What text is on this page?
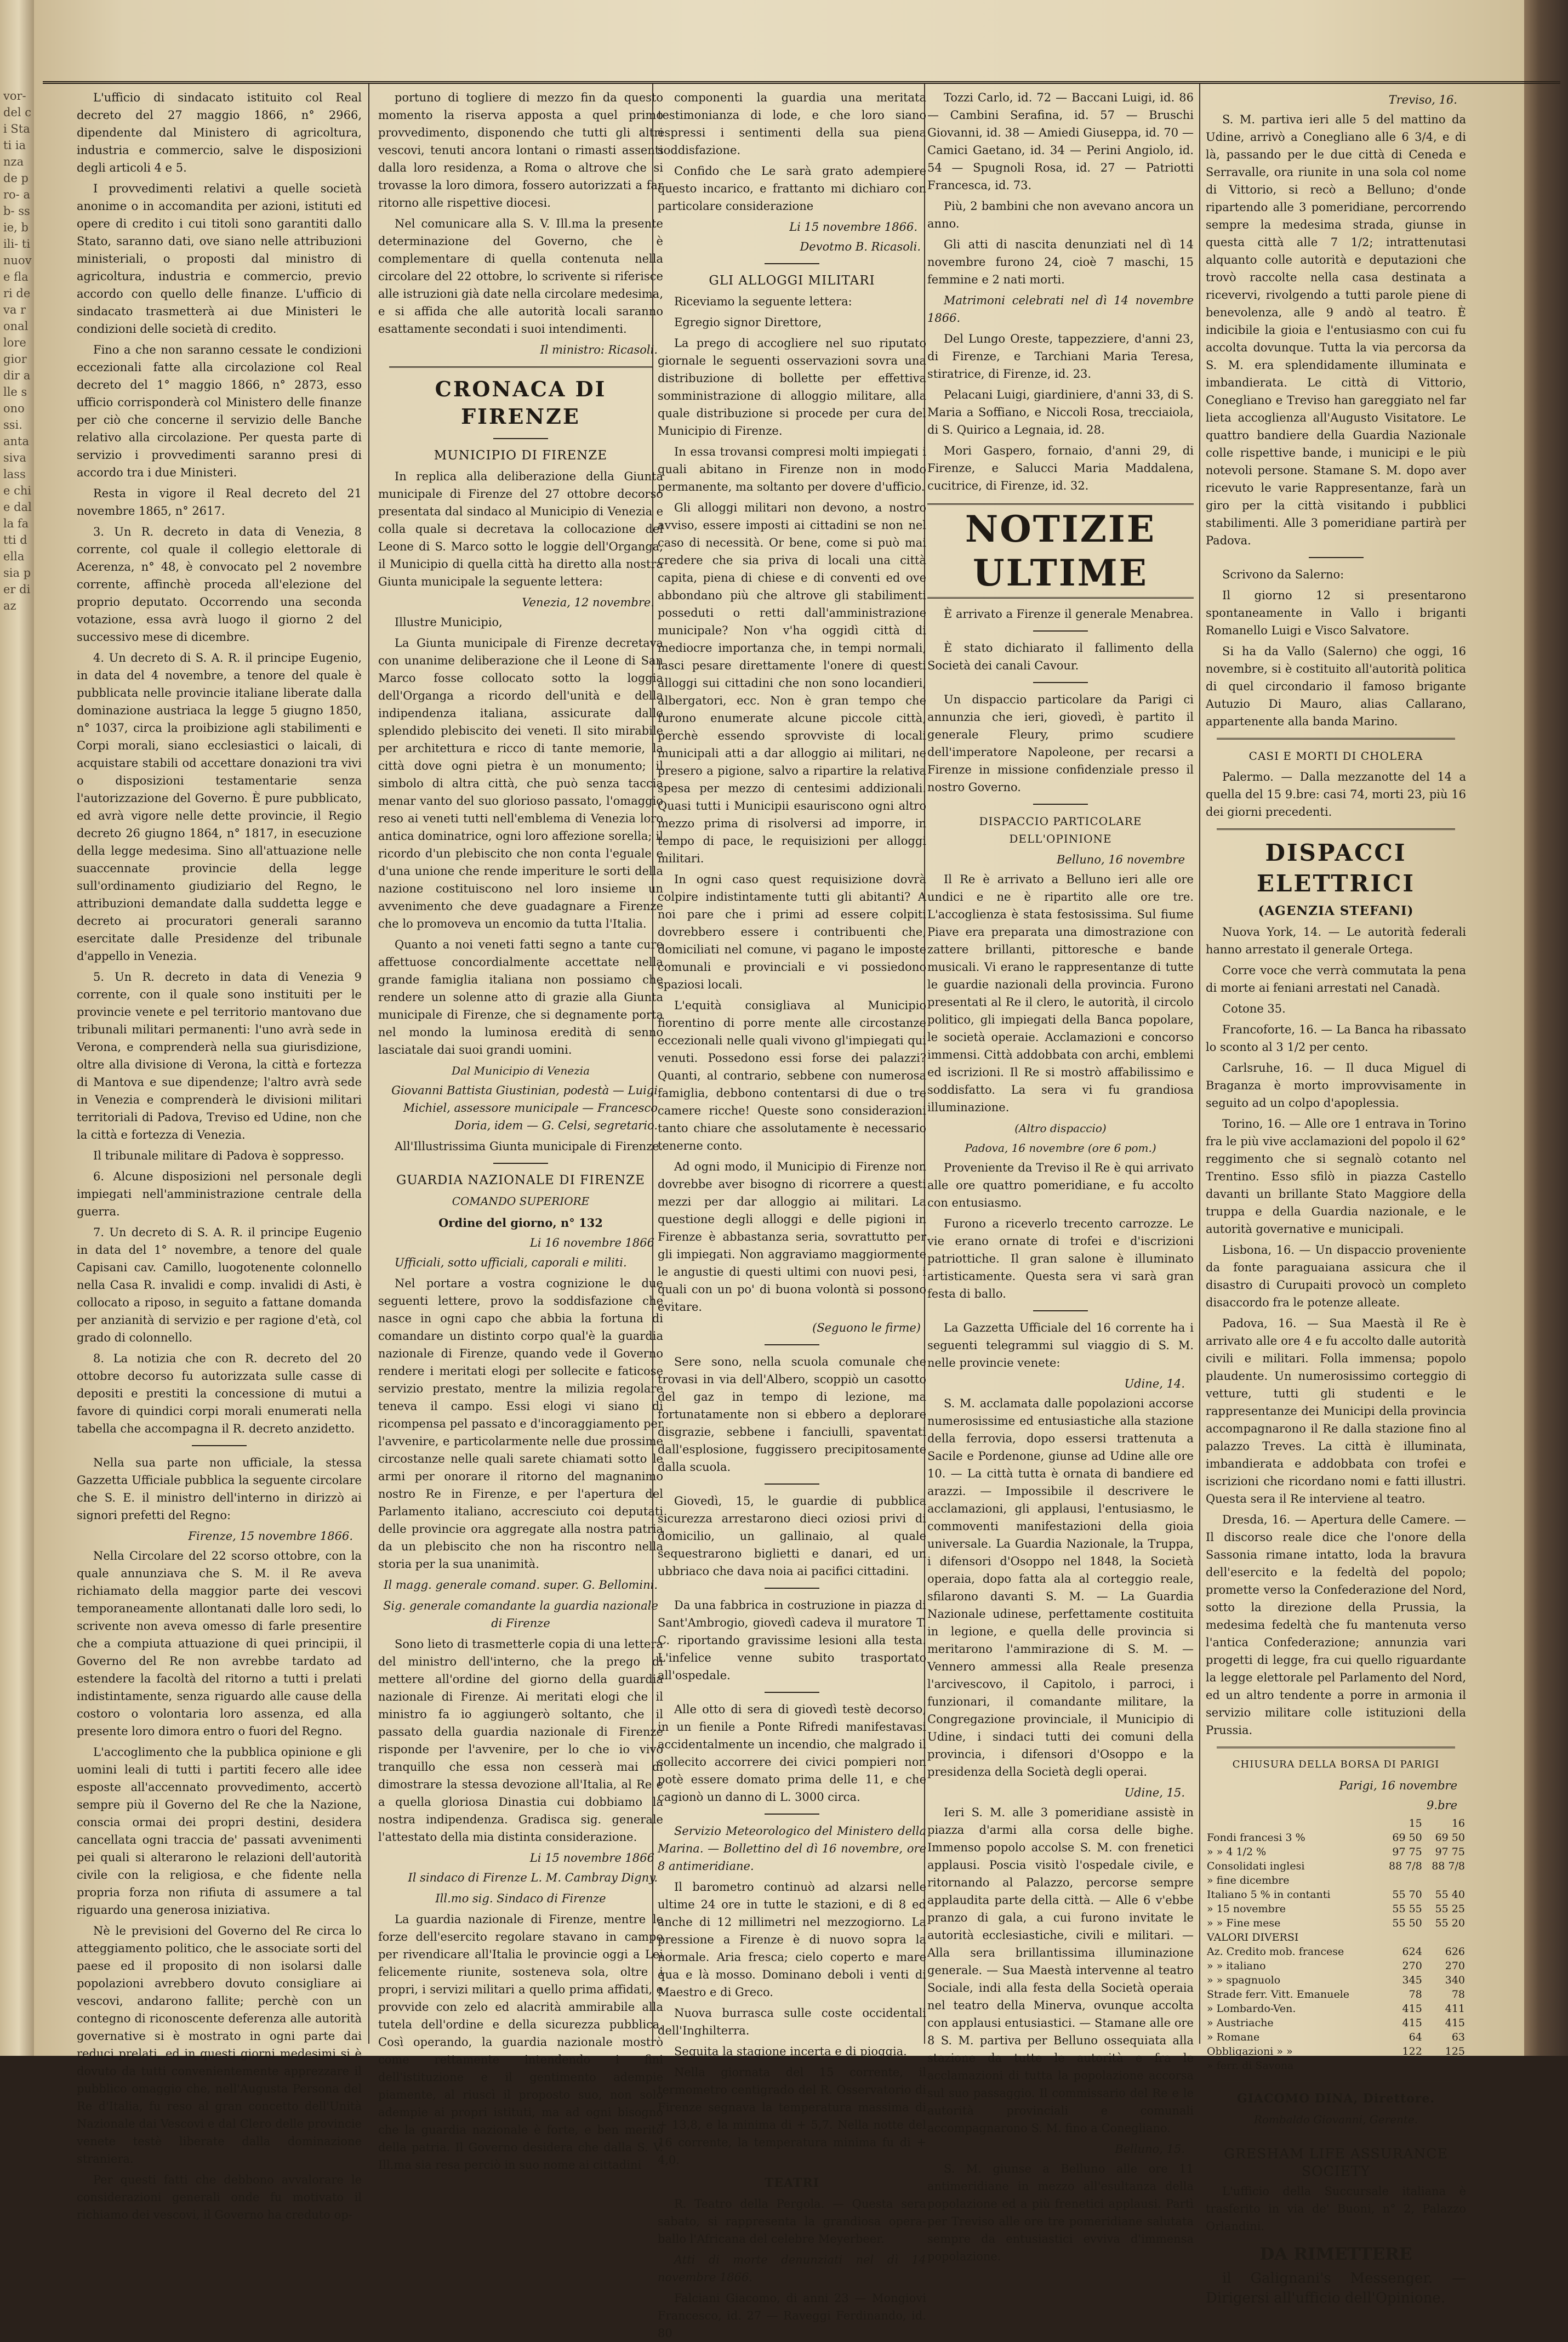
vor- del ci Stati ianza de pro- ab- ssie, bili- ti nuove flari deva ronal lore gior dir alle sono ssi. anta siva lasse chie dalla fatti della sia per diaz

L'ufficio di sindacato istituito col Real decreto del 27 maggio 1866, n° 2966, dipendente dal Ministero di agricoltura, industria e commercio, salve le disposizioni degli articoli 4 e 5.

I provvedimenti relativi a quelle società anonime o in accomandita per azioni, istituti ed opere di credito i cui titoli sono garantiti dallo Stato, saranno dati, ove siano nelle attribuzioni ministeriali, o proposti dal ministro di agricoltura, industria e commercio, previo accordo con quello delle finanze. L'ufficio di sindacato trasmetterà ai due Ministeri le condizioni delle società di credito.

Fino a che non saranno cessate le condizioni eccezionali fatte alla circolazione col Real decreto del 1° maggio 1866, n° 2873, esso ufficio corrisponderà col Ministero delle finanze per ciò che concerne il servizio delle Banche relativo alla circolazione. Per questa parte di servizio i provvedimenti saranno presi di accordo tra i due Ministeri.

Resta in vigore il Real decreto del 21 novembre 1865, n° 2617.

3. Un R. decreto in data di Venezia, 8 corrente, col quale il collegio elettorale di Acerenza, n° 48, è convocato pel 2 novembre corrente, affinchè proceda all'elezione del proprio deputato. Occorrendo una seconda votazione, essa avrà luogo il giorno 2 del successivo mese di dicembre.

4. Un decreto di S. A. R. il principe Eugenio, in data del 4 novembre, a tenore del quale è pubblicata nelle provincie italiane liberate dalla dominazione austriaca la legge 5 giugno 1850, n° 1037, circa la proibizione agli stabilimenti e Corpi morali, siano ecclesiastici o laicali, di acquistare stabili od accettare donazioni tra vivi o disposizioni testamentarie senza l'autorizzazione del Governo. È pure pubblicato, ed avrà vigore nelle dette provincie, il Regio decreto 26 giugno 1864, n° 1817, in esecuzione della legge medesima. Sino all'attuazione nelle suaccennate provincie della legge sull'ordinamento giudiziario del Regno, le attribuzioni demandate dalla suddetta legge e decreto ai procuratori generali saranno esercitate dalle Presidenze del tribunale d'appello in Venezia.

5. Un R. decreto in data di Venezia 9 corrente, con il quale sono instituiti per le provincie venete e pel territorio mantovano due tribunali militari permanenti: l'uno avrà sede in Verona, e comprenderà nella sua giurisdizione, oltre alla divisione di Verona, la città e fortezza di Mantova e sue dipendenze; l'altro avrà sede in Venezia e comprenderà le divisioni militari territoriali di Padova, Treviso ed Udine, non che la città e fortezza di Venezia.

Il tribunale militare di Padova è soppresso.

6. Alcune disposizioni nel personale degli impiegati nell'amministrazione centrale della guerra.

7. Un decreto di S. A. R. il principe Eugenio in data del 1° novembre, a tenore del quale Capisani cav. Camillo, luogotenente colonnello nella Casa R. invalidi e comp. invalidi di Asti, è collocato a riposo, in seguito a fattane domanda per anzianità di servizio e per ragione d'età, col grado di colonnello.

8. La notizia che con R. decreto del 20 ottobre decorso fu autorizzata sulle casse di depositi e prestiti la concessione di mutui a favore di quindici corpi morali enumerati nella tabella che accompagna il R. decreto anzidetto.

Nella sua parte non ufficiale, la stessa Gazzetta Ufficiale pubblica la seguente circolare che S. E. il ministro dell'interno in dirizzò ai signori prefetti del Regno:

Firenze, 15 novembre 1866.

Nella Circolare del 22 scorso ottobre, con la quale annunziava che S. M. il Re aveva richiamato della maggior parte dei vescovi temporaneamente allontanati dalle loro sedi, lo scrivente non aveva omesso di farle presentire che a compiuta attuazione di quei principii, il Governo del Re non avrebbe tardato ad estendere la facoltà del ritorno a tutti i prelati indistintamente, senza riguardo alle cause della costoro o volontaria loro assenza, ed alla presente loro dimora entro o fuori del Regno.

L'accoglimento che la pubblica opinione e gli uomini leali di tutti i partiti fecero alle idee esposte all'accennato provvedimento, accertò sempre più il Governo del Re che la Nazione, conscia ormai dei propri destini, desidera cancellata ogni traccia de' passati avvenimenti pei quali si alterarono le relazioni dell'autorità civile con la religiosa, e che fidente nella propria forza non rifiuta di assumere a tal riguardo una generosa iniziativa.

Nè le previsioni del Governo del Re circa lo atteggiamento politico, che le associate sorti del paese ed il proposito di non isolarsi dalle popolazioni avrebbero dovuto consigliare ai vescovi, andarono fallite; perchè con un contegno di riconoscente deferenza alle autorità governative si è mostrato in ogni parte dai reduci prelati, ed in questi giorni medesimi si è dovuto da tutti convenientemente apprezzare il pubblico omaggio che, nell'Augusta Persona del Re d'Italia, fu reso al gran concetto dell'Unità Nazionale dai Vescovi e dal Clero delle provincie venete testè liberate dalla dominazione straniera.

Per questi fatti che debbono avvalorare le considerazioni generali onde fu motivato il richiamo dei vescovi, il Governo ha creduto op-

portuno di togliere di mezzo fin da questo momento la riserva apposta a quel primo provvedimento, disponendo che tutti gli altri vescovi, tenuti ancora lontani o rimasti assenti dalla loro residenza, a Roma o altrove che si trovasse la loro dimora, fossero autorizzati a far ritorno alle rispettive diocesi.

Nel comunicare alla S. V. Ill.ma la presente determinazione del Governo, che è complementare di quella contenuta nella circolare del 22 ottobre, lo scrivente si riferisce alle istruzioni già date nella circolare medesima, e si affida che alle autorità locali saranno esattamente secondati i suoi intendimenti.

Il ministro: Ricasoli.
CRONACA DI FIRENZE
MUNICIPIO DI FIRENZE

In replica alla deliberazione della Giunta municipale di Firenze del 27 ottobre decorso presentata dal sindaco al Municipio di Venezia e colla quale si decretava la collocazione del Leone di S. Marco sotto le loggie dell'Organga, il Municipio di quella città ha diretto alla nostra Giunta municipale la seguente lettera:

Venezia, 12 novembre.

Illustre Municipio,

La Giunta municipale di Firenze decretava con unanime deliberazione che il Leone di San Marco fosse collocato sotto la loggia dell'Organga a ricordo dell'unità e della indipendenza italiana, assicurate dallo splendido plebiscito dei veneti. Il sito mirabile per architettura e ricco di tante memorie, la città dove ogni pietra è un monumento; il simbolo di altra città, che può senza taccia menar vanto del suo glorioso passato, l'omaggio reso ai veneti tutti nell'emblema di Venezia loro antica dominatrice, ogni loro affezione sorella; il ricordo d'un plebiscito che non conta l'eguale e d'una unione che rende imperiture le sorti della nazione costituiscono nel loro insieme un avvenimento che deve guadagnare a Firenze che lo promoveva un encomio da tutta l'Italia.

Quanto a noi veneti fatti segno a tante cure affettuose concordialmente accettate nella grande famiglia italiana non possiamo che rendere un solenne atto di grazie alla Giunta municipale di Firenze, che si degnamente porta nel mondo la luminosa eredità di senno lasciatale dai suoi grandi uomini.

Dal Municipio di Venezia
Giovanni Battista Giustinian, podestà — Luigi Michiel, assessore municipale — Francesco Doria, idem — G. Celsi, segretario.

All'Illustrissima Giunta municipale di Firenze.

GUARDIA NAZIONALE DI FIRENZE
COMANDO SUPERIORE
Ordine del giorno, n° 132
Li 16 novembre 1866

Ufficiali, sotto ufficiali, caporali e militi.

Nel portare a vostra cognizione le due seguenti lettere, provo la soddisfazione che nasce in ogni capo che abbia la fortuna di comandare un distinto corpo qual'è la guardia nazionale di Firenze, quando vede il Governo rendere i meritati elogi per sollecite e faticose servizio prestato, mentre la milizia regolare teneva il campo. Essi elogi vi siano di ricompensa pel passato e d'incoraggiamento per l'avvenire, e particolarmente nelle due prossime circostanze nelle quali sarete chiamati sotto le armi per onorare il ritorno del magnanimo nostro Re in Firenze, e per l'apertura del Parlamento italiano, accresciuto coi deputati delle provincie ora aggregate alla nostra patria da un plebiscito che non ha riscontro nella storia per la sua unanimità.

Il magg. generale comand. super. G. Bellomini.

Sig. generale comandante la guardia nazionale di Firenze

Sono lieto di trasmetterle copia di una lettera del ministro dell'interno, che la prego di mettere all'ordine del giorno della guardia nazionale di Firenze. Ai meritati elogi che il ministro fa io aggiungerò soltanto, che il passato della guardia nazionale di Firenze risponde per l'avvenire, per lo che io vivo tranquillo che essa non cesserà mai di dimostrare la stessa devozione all'Italia, al Re e a quella gloriosa Dinastia cui dobbiamo la nostra indipendenza. Gradisca sig. generale l'attestato della mia distinta considerazione.

Li 15 novembre 1866
Il sindaco di Firenze L. M. Cambray Digny.

Ill.mo sig. Sindaco di Firenze

La guardia nazionale di Firenze, mentre le forze dell'esercito regolare stavano in campo per rivendicare all'Italia le provincie oggi a Lei felicemente riunite, sosteneva sola, oltre i propri, i servizi militari a quello prima affidati, e provvide con zelo ed alacrità ammirabile alla tutela dell'ordine e della sicurezza pubblica. Così operando, la guardia nazionale mostrò come rettamente intendendo i fini dell'istituzione e il gentimento adempie piamente, al riuscì il proposto suo, non solo adempie ai propri istituti, ma ad ogni bisogno che la guardia nazionale è forte, e ben meritò della patria. Il Governo desidera che dalla S. V. Ill.ma sia resa perciò in suo nome ai cittadini

componenti la guardia una meritata testimonianza di lode, e che loro siano espressi i sentimenti della sua piena soddisfazione.

Confido che Le sarà grato adempiere questo incarico, e frattanto mi dichiaro con particolare considerazione

Li 15 novembre 1866.
Devotmo B. Ricasoli.
GLI ALLOGGI MILITARI

Riceviamo la seguente lettera:

Egregio signor Direttore,

La prego di accogliere nel suo riputato giornale le seguenti osservazioni sovra una distribuzione di bollette per effettiva somministrazione di alloggio militare, alla quale distribuzione si procede per cura del Municipio di Firenze.

In essa trovansi compresi molti impiegati i quali abitano in Firenze non in modo permanente, ma soltanto per dovere d'ufficio.

Gli alloggi militari non devono, a nostro avviso, essere imposti ai cittadini se non nel caso di necessità. Or bene, come si può mai credere che sia priva di locali una città capita, piena di chiese e di conventi ed ove abbondano più che altrove gli stabilimenti posseduti o retti dall'amministrazione municipale? Non v'ha oggidì città di mediocre importanza che, in tempi normali, lasci pesare direttamente l'onere di questi alloggi sui cittadini che non sono locandieri, albergatori, ecc. Non è gran tempo che furono enumerate alcune piccole città, perchè essendo sprovviste di locali municipali atti a dar alloggio ai militari, ne presero a pigione, salvo a ripartire la relativa spesa per mezzo di centesimi addizionali. Quasi tutti i Municipii esauriscono ogni altro mezzo prima di risolversi ad imporre, in tempo di pace, le requisizioni per alloggi militari.

In ogni caso quest requisizione dovrà colpire indistintamente tutti gli abitanti? A noi pare che i primi ad essere colpiti dovrebbero essere i contribuenti che, domiciliati nel comune, vi pagano le imposte comunali e provinciali e vi possiedono spaziosi locali.

L'equità consigliava al Municipio fiorentino di porre mente alle circostanze eccezionali nelle quali vivono gl'impiegati qui venuti. Possedono essi forse dei palazzi? Quanti, al contrario, sebbene con numerosa famiglia, debbono contentarsi di due o tre camere ricche! Queste sono considerazioni tanto chiare che assolutamente è necessario tenerne conto.

Ad ogni modo, il Municipio di Firenze non dovrebbe aver bisogno di ricorrere a questi mezzi per dar alloggio ai militari. La questione degli alloggi e delle pigioni in Firenze è abbastanza seria, sovrattutto per gli impiegati. Non aggraviamo maggiormente le angustie di questi ultimi con nuovi pesi, i quali con un po' di buona volontà si possono evitare.

(Seguono le firme)

Sere sono, nella scuola comunale che trovasi in via dell'Albero, scoppiò un casotto del gaz in tempo di lezione, ma fortunatamente non si ebbero a deplorare disgrazie, sebbene i fanciulli, spaventati dall'esplosione, fuggissero precipitosamente dalla scuola.

Giovedì, 15, le guardie di pubblica sicurezza arrestarono dieci oziosi privi di domicilio, un gallinaio, al quale sequestrarono biglietti e danari, ed un ubbriaco che dava noia ai pacifici cittadini.

Da una fabbrica in costruzione in piazza di Sant'Ambrogio, giovedì cadeva il muratore T. C. riportando gravissime lesioni alla testa. L'infelice venne subito trasportato all'ospedale.

Alle otto di sera di giovedì testè decorso, in un fienile a Ponte Rifredi manifestavasi accidentalmente un incendio, che malgrado il sollecito accorrere dei civici pompieri non potè essere domato prima delle 11, e che cagionò un danno di L. 3000 circa.

Servizio Meteorologico del Ministero della Marina. — Bollettino del dì 16 novembre, ore 8 antimeridiane.

Il barometro continuò ad alzarsi nelle ultime 24 ore in tutte le stazioni, e di 8 ed anche di 12 millimetri nel mezzogiorno. La pressione a Firenze è di nuovo sopra la normale. Aria fresca; cielo coperto e mare qua e là mosso. Dominano deboli i venti di Maestro e di Greco.

Nuova burrasca sulle coste occidentali dell'Inghilterra.

Seguita la stagione incerta e di pioggia.

Nella giornata del 15 corrente, il termometro centigrado del R. Osservatorio di Firenze segnava la temperatura massima di + 13,8, e la minima di + 5,7. Nella notte del 16 corrente, la temperatura minima fu di + 4,0.

TEATRI

R. Teatro della Pergola. — Questa sera sabato, si rappresenta la grandiosa opera-ballo l'Africana del celebre Meyerbeer.

Atti di morte denunziati nel dì 14 novembre 1866.

Falciani Giacomo, di anni 23 — Mongiovi Francesco, id. 27 — Raveggi Ferdinando, id. 80

Tozzi Carlo, id. 72 — Baccani Luigi, id. 86 — Cambini Serafina, id. 57 — Bruschi Giovanni, id. 38 — Amiedi Giuseppa, id. 70 — Camici Gaetano, id. 34 — Perini Angiolo, id. 54 — Spugnoli Rosa, id. 27 — Patriotti Francesca, id. 73.

Più, 2 bambini che non avevano ancora un anno.

Gli atti di nascita denunziati nel dì 14 novembre furono 24, cioè 7 maschi, 15 femmine e 2 nati morti.

Matrimoni celebrati nel dì 14 novembre 1866.

Del Lungo Oreste, tappezziere, d'anni 23, di Firenze, e Tarchiani Maria Teresa, stiratrice, di Firenze, id. 23.

Pelacani Luigi, giardiniere, d'anni 33, di S. Maria a Soffiano, e Niccoli Rosa, trecciaiola, di S. Quirico a Legnaia, id. 28.

Mori Gaspero, fornaio, d'anni 29, di Firenze, e Salucci Maria Maddalena, cucitrice, di Firenze, id. 32.

NOTIZIE ULTIME

È arrivato a Firenze il generale Menabrea.

È stato dichiarato il fallimento della Società dei canali Cavour.

Un dispaccio particolare da Parigi ci annunzia che ieri, giovedì, è partito il generale Fleury, primo scudiere dell'imperatore Napoleone, per recarsi a Firenze in missione confidenziale presso il nostro Governo.

DISPACCIO PARTICOLARE DELL'OPINIONE
Belluno, 16 novembre

Il Re è arrivato a Belluno ieri alle ore undici e ne è ripartito alle ore tre. L'accoglienza è stata festosissima. Sul fiume Piave era preparata una dimostrazione con zattere brillanti, pittoresche e bande musicali. Vi erano le rappresentanze di tutte le guardie nazionali della provincia. Furono presentati al Re il clero, le autorità, il circolo politico, gli impiegati della Banca popolare, le società operaie. Acclamazioni e concorso immensi. Città addobbata con archi, emblemi ed iscrizioni. Il Re si mostrò affabilissimo e soddisfatto. La sera vi fu grandiosa illuminazione.

(Altro dispaccio)
Padova, 16 novembre (ore 6 pom.)

Proveniente da Treviso il Re è qui arrivato alle ore quattro pomeridiane, e fu accolto con entusiasmo.

Furono a riceverlo trecento carrozze. Le vie erano ornate di trofei e d'iscrizioni patriottiche. Il gran salone è illuminato artisticamente. Questa sera vi sarà gran festa di ballo.

La Gazzetta Ufficiale del 16 corrente ha i seguenti telegrammi sul viaggio di S. M. nelle provincie venete:

Udine, 14.

S. M. acclamata dalle popolazioni accorse numerosissime ed entusiastiche alla stazione della ferrovia, dopo essersi trattenuta a Sacile e Pordenone, giunse ad Udine alle ore 10. — La città tutta è ornata di bandiere ed arazzi. — Impossibile il descrivere le acclamazioni, gli applausi, l'entusiasmo, le commoventi manifestazioni della gioia universale. La Guardia Nazionale, la Truppa, i difensori d'Osoppo nel 1848, la Società operaia, dopo fatta ala al corteggio reale, sfilarono davanti S. M. — La Guardia Nazionale udinese, perfettamente costituita in legione, e quella delle provincia si meritarono l'ammirazione di S. M. — Vennero ammessi alla Reale presenza l'arcivescovo, il Capitolo, i parroci, i funzionari, il comandante militare, la Congregazione provinciale, il Municipio di Udine, i sindaci tutti dei comuni della provincia, i difensori d'Osoppo e la presidenza della Società degli operai.

Udine, 15.

Ieri S. M. alle 3 pomeridiane assistè in piazza d'armi alla corsa delle bighe. Immenso popolo accolse S. M. con frenetici applausi. Poscia visitò l'ospedale civile, e ritornando al Palazzo, percorse sempre applaudita parte della città. — Alle 6 v'ebbe pranzo di gala, a cui furono invitate le autorità ecclesiastiche, civili e militari. — Alla sera brillantissima illuminazione generale. — Sua Maestà intervenne al teatro Sociale, indi alla festa della Società operaia nel teatro della Minerva, ovunque accolta con applausi entusiastici. — Stamane alle ore 8 S. M. partiva per Belluno ossequiata alla stazione da tutte le autorità e fra le acclamazioni di tutta la popolazione accorsa sul suo passaggio. Il commissario del Re e le autorità provinciali e comunali accompagnarono S. M. fino a Conegliano.

Belluno, 15.

S. M. giunse a Belluno alle ore 11 antimeridiane in mezzo all'esultanza della popolazione ed a più frenetici applausi. Partì per Treviso alle ore tre pomeridiane salutata sempre da entusiastici evviva d'immensa popolazione.

Treviso, 16.

S. M. partiva ieri alle 5 del mattino da Udine, arrivò a Conegliano alle 6 3/4, e di là, passando per le due città di Ceneda e Serravalle, ora riunite in una sola col nome di Vittorio, si recò a Belluno; d'onde ripartendo alle 3 pomeridiane, percorrendo sempre la medesima strada, giunse in questa città alle 7 1/2; intrattenutasi alquanto colle autorità e deputazioni che trovò raccolte nella casa destinata a ricevervi, rivolgendo a tutti parole piene di benevolenza, alle 9 andò al teatro. È indicibile la gioia e l'entusiasmo con cui fu accolta dovunque. Tutta la via percorsa da S. M. era splendidamente illuminata e imbandierata. Le città di Vittorio, Conegliano e Treviso han gareggiato nel far lieta accoglienza all'Augusto Visitatore. Le quattro bandiere della Guardia Nazionale colle rispettive bande, i municipi e le più notevoli persone. Stamane S. M. dopo aver ricevuto le varie Rappresentanze, farà un giro per la città visitando i pubblici stabilimenti. Alle 3 pomeridiane partirà per Padova.

Scrivono da Salerno:

Il giorno 12 si presentarono spontaneamente in Vallo i briganti Romanello Luigi e Visco Salvatore.

Si ha da Vallo (Salerno) che oggi, 16 novembre, si è costituito all'autorità politica di quel circondario il famoso brigante Autuzio Di Mauro, alias Callarano, appartenente alla banda Marino.

CASI E MORTI DI CHOLERA

Palermo. — Dalla mezzanotte del 14 a quella del 15 9.bre: casi 74, morti 23, più 16 dei giorni precedenti.

DISPACCI ELETTRICI
(AGENZIA STEFANI)

Nuova York, 14. — Le autorità federali hanno arrestato il generale Ortega.

Corre voce che verrà commutata la pena di morte ai feniani arrestati nel Canadà.

Cotone 35.

Francoforte, 16. — La Banca ha ribassato lo sconto al 3 1/2 per cento.

Carlsruhe, 16. — Il duca Miguel di Braganza è morto improvvisamente in seguito ad un colpo d'apoplessia.

Torino, 16. — Alle ore 1 entrava in Torino fra le più vive acclamazioni del popolo il 62° reggimento che si segnalò cotanto nel Trentino. Esso sfilò in piazza Castello davanti un brillante Stato Maggiore della truppa e della Guardia nazionale, e le autorità governative e municipali.

Lisbona, 16. — Un dispaccio proveniente da fonte paraguaiana assicura che il disastro di Curupaiti provocò un completo disaccordo fra le potenze alleate.

Padova, 16. — Sua Maestà il Re è arrivato alle ore 4 e fu accolto dalle autorità civili e militari. Folla immensa; popolo plaudente. Un numerosissimo corteggio di vetture, tutti gli studenti e le rappresentanze dei Municipi della provincia accompagnarono il Re dalla stazione fino al palazzo Treves. La città è illuminata, imbandierata e addobbata con trofei e iscrizioni che ricordano nomi e fatti illustri. Questa sera il Re interviene al teatro.

Dresda, 16. — Apertura delle Camere. — Il discorso reale dice che l'onore della Sassonia rimane intatto, loda la bravura dell'esercito e la fedeltà del popolo; promette verso la Confederazione del Nord, sotto la direzione della Prussia, la medesima fedeltà che fu mantenuta verso l'antica Confederazione; annunzia vari progetti di legge, fra cui quello riguardante la legge elettorale pel Parlamento del Nord, ed un altro tendente a porre in armonia il servizio militare colle istituzioni della Prussia.

CHIUSURA DELLA BORSA DI PARIGI
Parigi, 16 novembre
9.bre
	15	16
Fondi francesi 3 %	69 50	69 50
» » 4 1/2 %	97 75	97 75
Consolidati inglesi	88 7/8	88 7/8
» fine dicembre		
Italiano 5 % in contanti	55 70	55 40
» 15 novembre	55 55	55 25
» » Fine mese	55 50	55 20
VALORI DIVERSI		
Az. Credito mob. francese	624	626
» » italiano	270	270
» » spagnuolo	345	340
Strade ferr. Vitt. Emanuele	78	78
» Lombardo-Ven.	415	411
» Austriache	415	415
» Romane	64	63
Obbligazioni » »	122	125
» ferr. di Savona		
GIACOMO DINA, Direttore.
Rombaldo Giovanni, Gerente.
GRESHAM LIFE ASSURANCE SOCIETY

L'ufficio della Succursale italiana è trasferito in via de' Buoni, n° 2, Palazzo Orlandini.

DA RIMETTERE

il Galignani's Messenger. — Dirigersi all'ufficio dell'Opinione.
